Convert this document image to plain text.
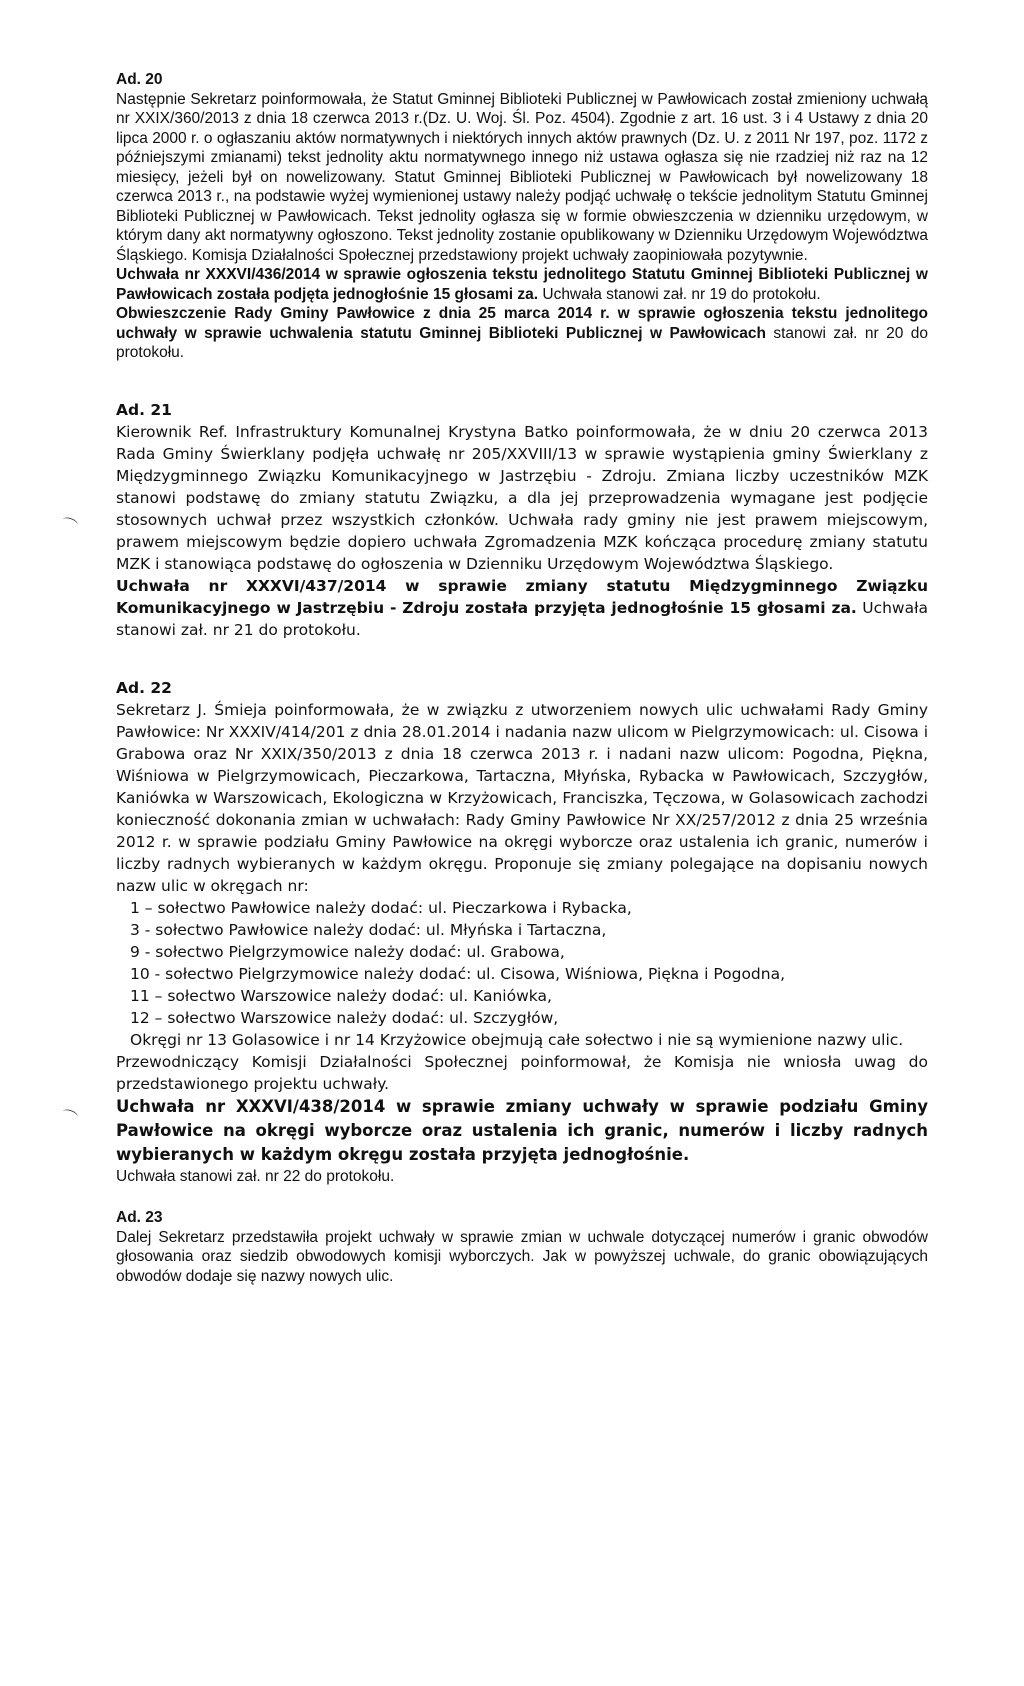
Ad. 20

Następnie Sekretarz poinformowała, że Statut Gminnej Biblioteki Publicznej w Pawłowicach został zmieniony uchwałą nr XXIX/360/2013 z dnia 18 czerwca 2013 r.(Dz. U. Woj. Śl. Poz. 4504). Zgodnie z art. 16 ust. 3 i 4 Ustawy z dnia 20 lipca 2000 r. o ogłaszaniu aktów normatywnych i niektórych innych aktów prawnych (Dz. U. z 2011 Nr 197, poz. 1172 z późniejszymi zmianami) tekst jednolity aktu normatywnego innego niż ustawa ogłasza się nie rzadziej niż raz na 12 miesięcy, jeżeli był on nowelizowany. Statut Gminnej Biblioteki Publicznej w Pawłowicach był nowelizowany 18 czerwca 2013 r., na podstawie wyżej wymienionej ustawy należy podjąć uchwałę o tekście jednolitym Statutu Gminnej Biblioteki Publicznej w Pawłowicach. Tekst jednolity ogłasza się w formie obwieszczenia w dzienniku urzędowym, w którym dany akt normatywny ogłoszono. Tekst jednolity zostanie opublikowany w Dzienniku Urzędowym Województwa Śląskiego. Komisja Działalności Społecznej przedstawiony projekt uchwały zaopiniowała pozytywnie.

Uchwała nr XXXVI/436/2014 w sprawie ogłoszenia tekstu jednolitego Statutu Gminnej Biblioteki Publicznej w Pawłowicach została podjęta jednogłośnie 15 głosami za. Uchwała stanowi zał. nr 19 do protokołu.

Obwieszczenie Rady Gminy Pawłowice z dnia 25 marca 2014 r. w sprawie ogłoszenia tekstu jednolitego uchwały w sprawie uchwalenia statutu Gminnej Biblioteki Publicznej w Pawłowicach stanowi zał. nr 20 do protokołu.

Ad. 21

Kierownik Ref. Infrastruktury Komunalnej Krystyna Batko poinformowała, że w dniu 20 czerwca 2013 Rada Gminy Świerklany podjęła uchwałę nr 205/XXVIII/13 w sprawie wystąpienia gminy Świerklany z Międzygminnego Związku Komunikacyjnego w Jastrzębiu - Zdroju. Zmiana liczby uczestników MZK stanowi podstawę do zmiany statutu Związku, a dla jej przeprowadzenia wymagane jest podjęcie stosownych uchwał przez wszystkich członków. Uchwała rady gminy nie jest prawem miejscowym, prawem miejscowym będzie dopiero uchwała Zgromadzenia MZK kończąca procedurę zmiany statutu MZK i stanowiąca podstawę do ogłoszenia w Dzienniku Urzędowym Województwa Śląskiego.

Uchwała nr XXXVI/437/2014 w sprawie zmiany statutu Międzygminnego Związku Komunikacyjnego w Jastrzębiu - Zdroju została przyjęta jednogłośnie 15 głosami za. Uchwała stanowi zał. nr 21 do protokołu.

Ad. 22

Sekretarz J. Śmieja poinformowała, że w związku z utworzeniem nowych ulic uchwałami Rady Gminy Pawłowice: Nr XXXIV/414/201 z dnia 28.01.2014 i nadania nazw ulicom w Pielgrzymowicach: ul. Cisowa i Grabowa oraz Nr XXIX/350/2013 z dnia 18 czerwca 2013 r. i nadani nazw ulicom: Pogodna, Piękna, Wiśniowa w Pielgrzymowicach, Pieczarkowa, Tartaczna, Młyńska, Rybacka w Pawłowicach, Szczygłów, Kaniówka w Warszowicach, Ekologiczna w Krzyżowicach, Franciszka, Tęczowa, w Golasowicach zachodzi konieczność dokonania zmian w uchwałach: Rady Gminy Pawłowice Nr XX/257/2012 z dnia 25 września 2012 r. w sprawie podziału Gminy Pawłowice na okręgi wyborcze oraz ustalenia ich granic, numerów i liczby radnych wybieranych w każdym okręgu. Proponuje się zmiany polegające na dopisaniu nowych nazw ulic w okręgach nr:

1 – sołectwo Pawłowice należy dodać: ul. Pieczarkowa i Rybacka,
3 - sołectwo Pawłowice należy dodać: ul. Młyńska i Tartaczna,
9 - sołectwo Pielgrzymowice należy dodać: ul. Grabowa,
10 - sołectwo Pielgrzymowice należy dodać: ul. Cisowa, Wiśniowa, Piękna i Pogodna,
11 – sołectwo Warszowice należy dodać: ul. Kaniówka,
12 – sołectwo Warszowice należy dodać: ul. Szczygłów,
Okręgi nr 13 Golasowice i nr 14 Krzyżowice obejmują całe sołectwo i nie są wymienione nazwy ulic.

Przewodniczący Komisji Działalności Społecznej poinformował, że Komisja nie wniosła uwag do przedstawionego projektu uchwały.

Uchwała nr XXXVI/438/2014 w sprawie zmiany uchwały w sprawie podziału Gminy Pawłowice na okręgi wyborcze oraz ustalenia ich granic, numerów i liczby radnych wybieranych w każdym okręgu została przyjęta jednogłośnie.

Uchwała stanowi zał. nr 22 do protokołu.

Ad. 23

Dalej Sekretarz przedstawiła projekt uchwały w sprawie zmian w uchwale dotyczącej numerów i granic obwodów głosowania oraz siedzib obwodowych komisji wyborczych. Jak w powyższej uchwale, do granic obowiązujących obwodów dodaje się nazwy nowych ulic.
